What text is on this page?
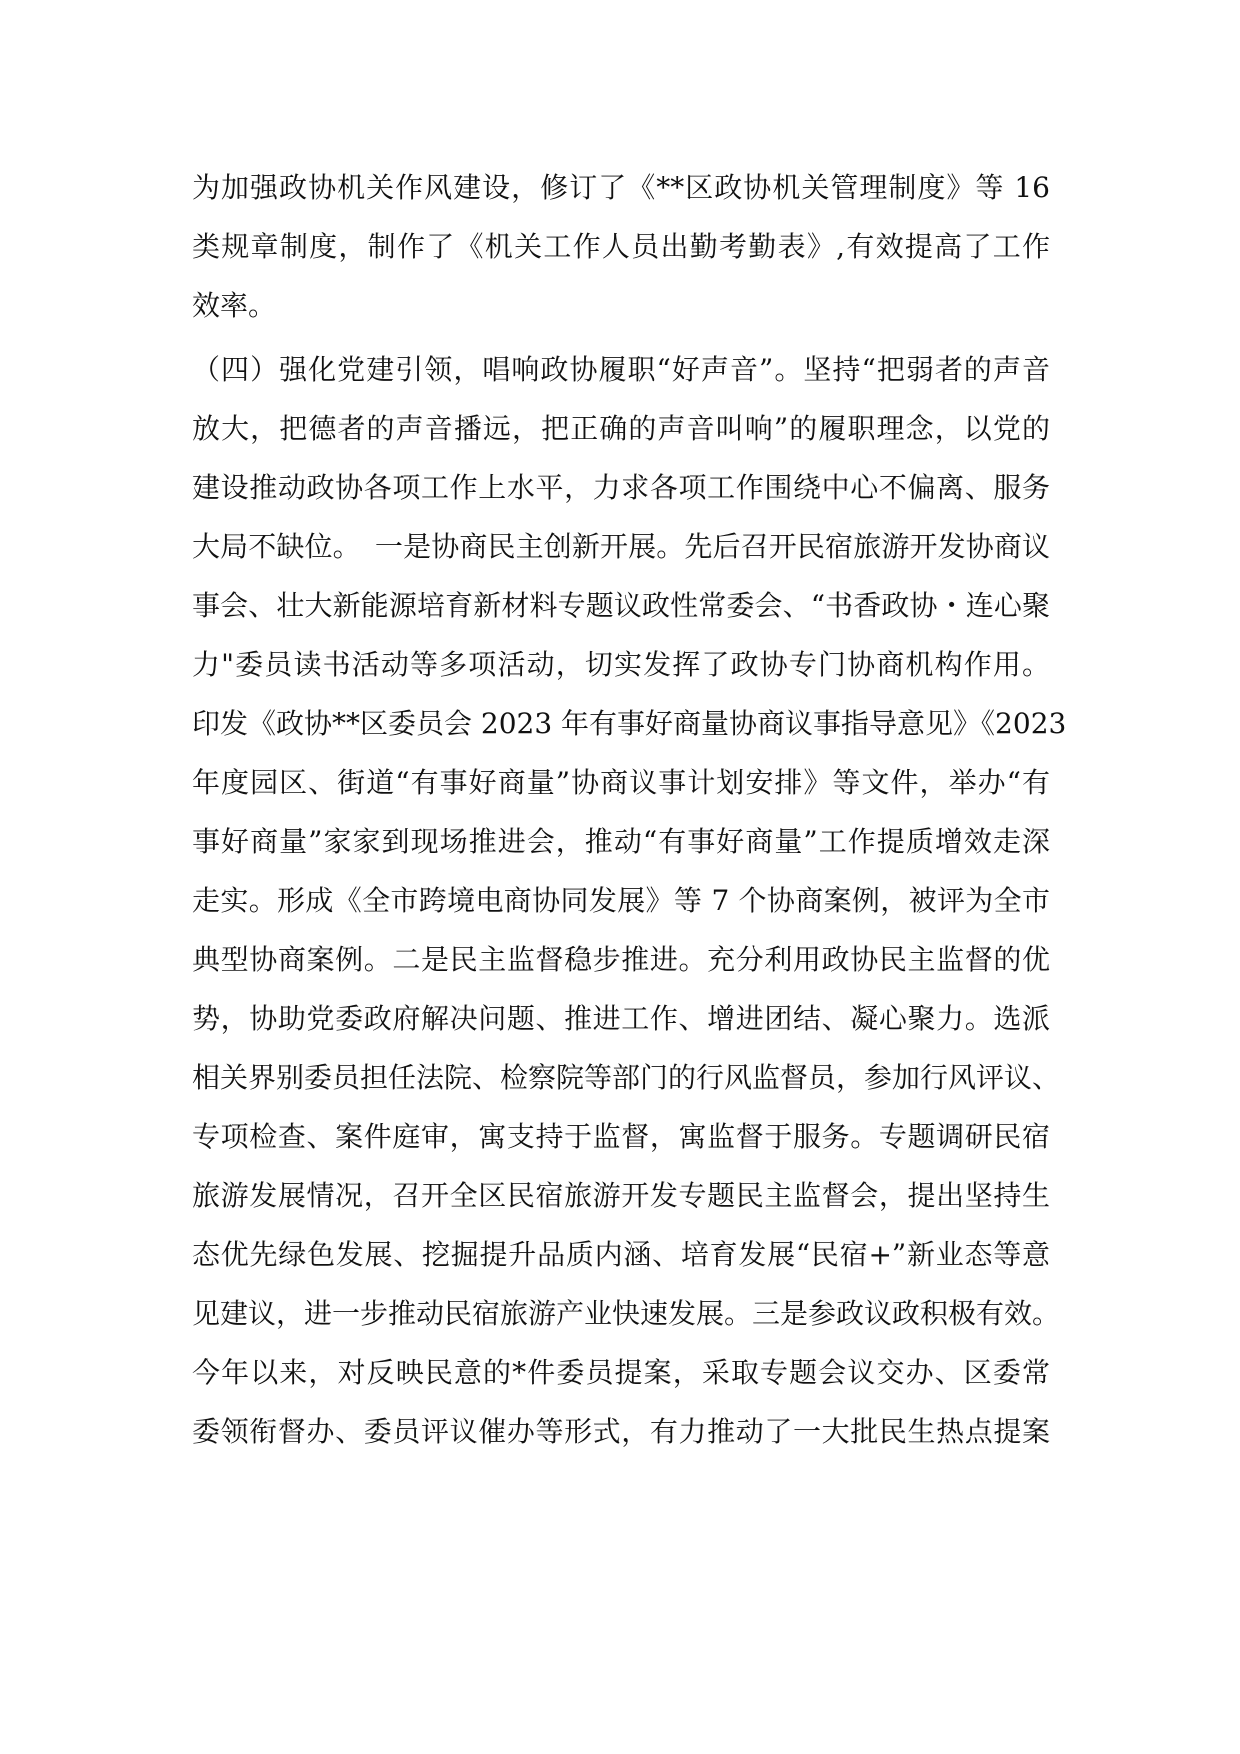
为加强政协机关作风建设，修订了《**区政协机关管理制度》等 16
类规章制度，制作了《机关工作人员出勤考勤表》,有效提高了工作
效率。
（四）强化党建引领，唱响政协履职“好声音”。坚持“把弱者的声音
放大，把德者的声音播远，把正确的声音叫响”的履职理念，以党的
建设推动政协各项工作上水平，力求各项工作围绕中心不偏离、服务
大局不缺位。　一是协商民主创新开展。先后召开民宿旅游开发协商议
事会、壮大新能源培育新材料专题议政性常委会、“书香政协・连心聚
力"委员读书活动等多项活动，切实发挥了政协专门协商机构作用。
印发《政协**区委员会 2023 年有事好商量协商议事指导意见》《2023
年度园区、街道“有事好商量”协商议事计划安排》等文件，举办“有
事好商量”家家到现场推进会，推动“有事好商量”工作提质增效走深
走实。形成《全市跨境电商协同发展》等 7 个协商案例，被评为全市
典型协商案例。二是民主监督稳步推进。充分利用政协民主监督的优
势，协助党委政府解决问题、推进工作、增进团结、凝心聚力。选派
相关界别委员担任法院、检察院等部门的行风监督员，参加行风评议、
专项检查、案件庭审，寓支持于监督，寓监督于服务。专题调研民宿
旅游发展情况，召开全区民宿旅游开发专题民主监督会，提出坚持生
态优先绿色发展、挖掘提升品质内涵、培育发展“民宿+”新业态等意
见建议，进一步推动民宿旅游产业快速发展。三是参政议政积极有效。
今年以来，对反映民意的*件委员提案，采取专题会议交办、区委常
委领衔督办、委员评议催办等形式，有力推动了一大批民生热点提案
